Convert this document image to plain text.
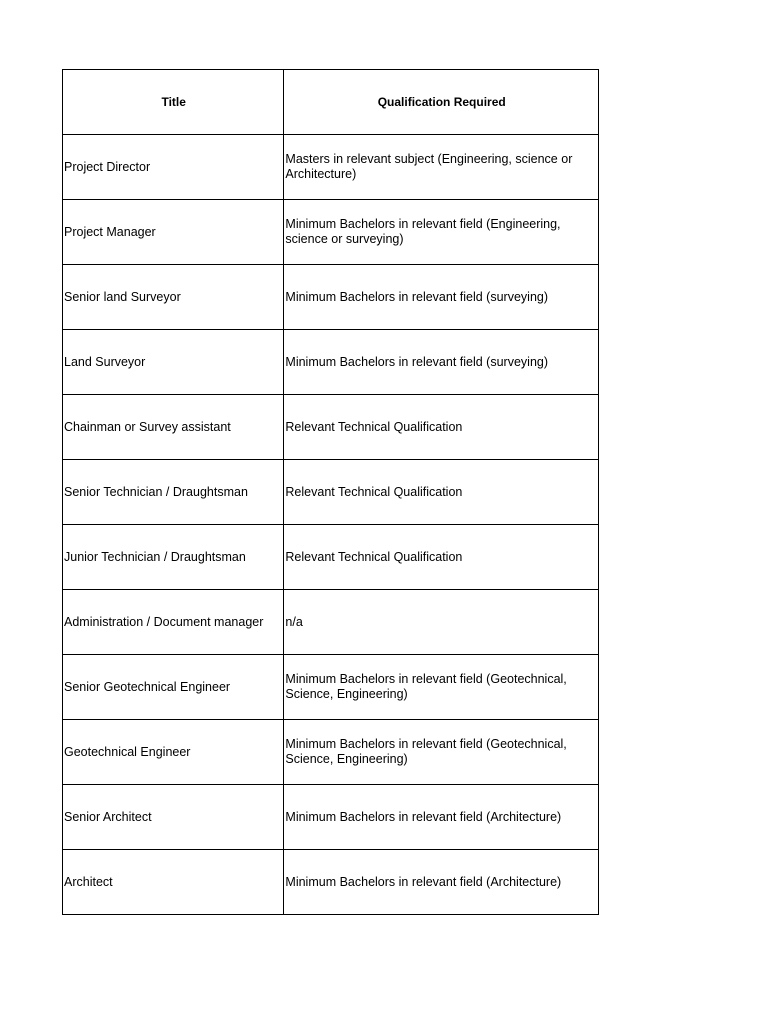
Title	Qualification Required
Project Director	Masters in relevant subject (Engineering, science or Architecture)
Project Manager	Minimum Bachelors in relevant field (Engineering, science or surveying)
Senior land Surveyor	Minimum Bachelors in relevant field (surveying)
Land Surveyor	Minimum Bachelors in relevant field (surveying)
Chainman or Survey assistant	Relevant Technical Qualification
Senior Technician / Draughtsman	Relevant Technical Qualification
Junior Technician / Draughtsman	Relevant Technical Qualification
Administration / Document manager	n/a
Senior Geotechnical Engineer	Minimum Bachelors in relevant field (Geotechnical, Science, Engineering)
Geotechnical Engineer	Minimum Bachelors in relevant field (Geotechnical, Science, Engineering)
Senior Architect	Minimum Bachelors in relevant field (Architecture)
Architect	Minimum Bachelors in relevant field (Architecture)
